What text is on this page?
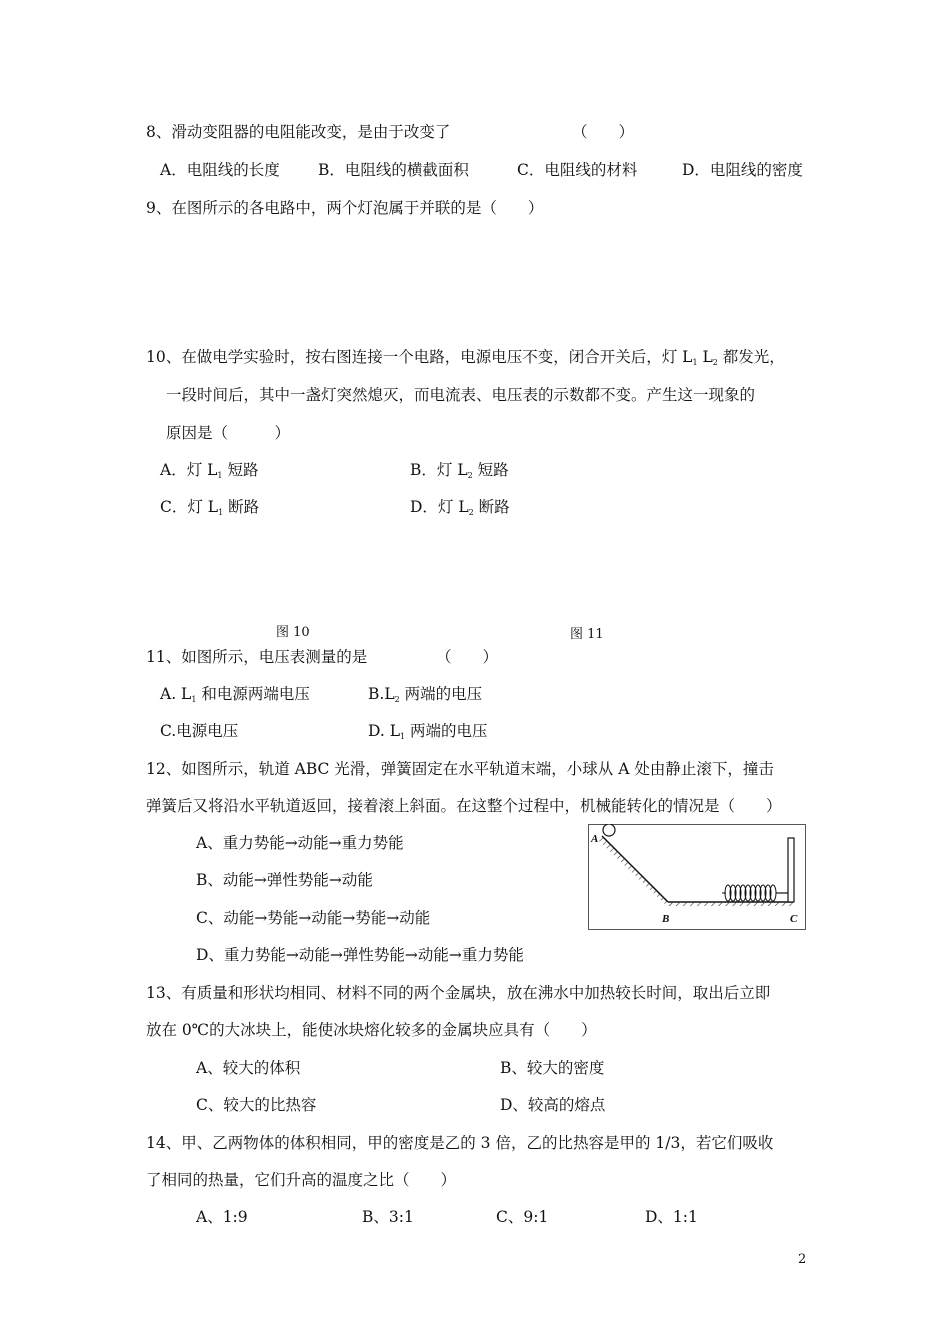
8、滑动变阻器的电阻能改变，是由于改变了	（　　）
A．电阻线的长度 B．电阻线的横截面积	C．电阻线的材料	D．电阻线的密度
9、在图所示的各电路中，两个灯泡属于并联的是（　　）
10、在做电学实验时，按右图连接一个电路，电源电压不变，闭合开关后，灯 $L_1$ $L_2$ 都发光，
一段时间后，其中一盏灯突然熄灭，而电流表、电压表的示数都不变。产生这一现象的
原因是（　　　）
A．灯 $L_1$ 短路	B．灯 $L_2$ 短路
C．灯 $L_1$ 断路	D．灯 $L_2$ 断路
图 10	图 11
11、如图所示，电压表测量的是	（　　）
A. $L_1$ 和电源两端电压	$B.L_2$ 两端的电压
C.电源电压	D. $L_1$ 两端的电压
12、如图所示，轨道 ABC 光滑，弹簧固定在水平轨道末端，小球从 A 处由静止滚下，撞击
弹簧后又将沿水平轨道返回，接着滚上斜面。在这整个过程中，机械能转化的情况是（　　）
A、重力势能→动能→重力势能
B、动能→弹性势能→动能
C、动能→势能→动能→势能→动能
D、重力势能→动能→弹性势能→动能→重力势能
A
B	C
13、有质量和形状均相同、材料不同的两个金属块，放在沸水中加热较长时间，取出后立即
放在 0℃的大冰块上，能使冰块熔化较多的金属块应具有（　　）
A、较大的体积	B、较大的密度
C、较大的比热容	D、较高的熔点
14、甲、乙两物体的体积相同，甲的密度是乙的 3 倍，乙的比热容是甲的 1/3，若它们吸收
了相同的热量，它们升高的温度之比（　　）
A、1:9	B、3:1	C、9:1	D、1:1
2
